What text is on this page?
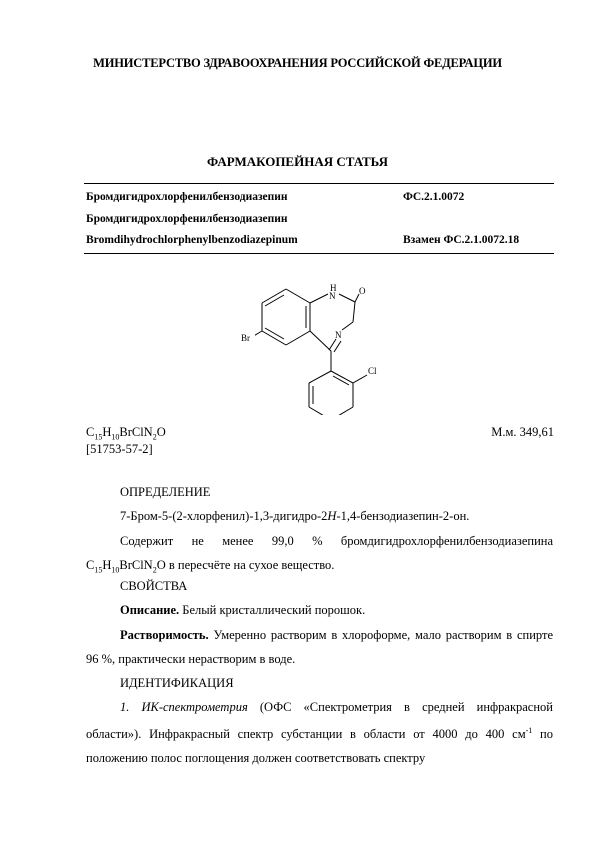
МИНИСТЕРСТВО ЗДРАВООХРАНЕНИЯ РОССИЙСКОЙ ФЕДЕРАЦИИ
ФАРМАКОПЕЙНАЯ СТАТЬЯ
Бромдигидрохлорфенилбензодиазепин	ФС.2.1.0072
Бромдигидрохлорфенилбензодиазепин
Bromdihydrochlorphenylbenzodiazepinum	Взамен ФС.2.1.0072.18
H
N	O
N
Cl
Br
$C_{15}H_{10}BrClN_2O$	М.м. 349,61
[51753-57-2]
ОПРЕДЕЛЕНИЕ
7-Бром-5-(2-хлорфенил)-1,3-дигидро-2H-1,4-бензодиазепин-2-он.
Содержит не менее 99,0 % бромдигидрохлорфенилбензодиазепина $C_{15}H_{10}BrClN_2O$ в пересчёте на сухое вещество.
СВОЙСТВА
Описание. Белый кристаллический порошок.
Растворимость. Умеренно растворим в хлороформе, мало растворим в спирте 96 %, практически нерастворим в воде.
ИДЕНТИФИКАЦИЯ
1. ИК-спектрометрия (ОФС «Спектрометрия в средней инфракрасной области»). Инфракрасный спектр субстанции в области от 4000 до 400 $см^{-1}$ по положению полос поглощения должен соответствовать спектру
